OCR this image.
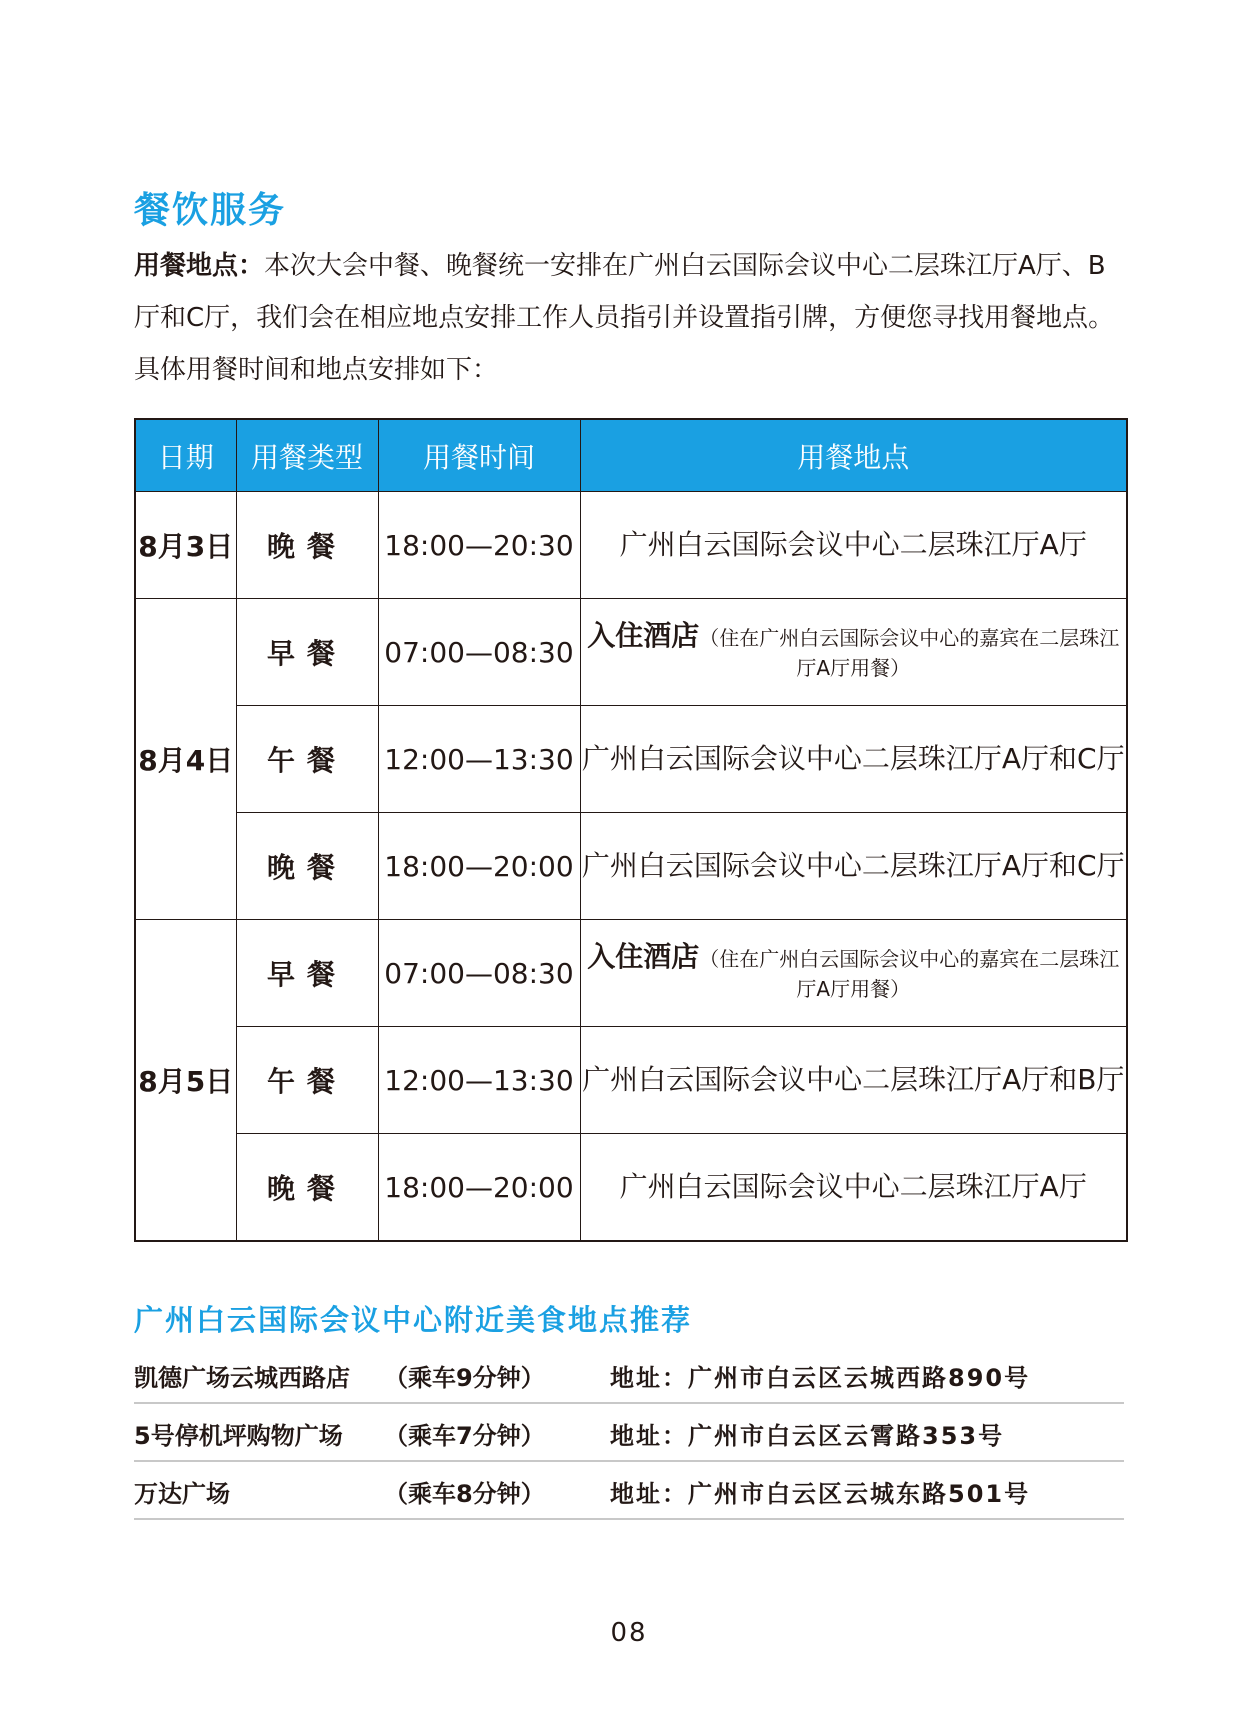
餐饮服务
用餐地点：本次大会中餐、晚餐统一安排在广州白云国际会议中心二层珠江厅A厅、B厅和C厅，我们会在相应地点安排工作人员指引并设置指引牌，方便您寻找用餐地点。具体用餐时间和地点安排如下：
日期	用餐类型	用餐时间	用餐地点
8月3日	晚餐	18:00—20:30	广州白云国际会议中心二层珠江厅A厅
8月4日	早餐	07:00—08:30	入住酒店（住在广州白云国际会议中心的嘉宾在二层珠江厅A厅用餐）
	午餐	12:00—13:30	广州白云国际会议中心二层珠江厅A厅和C厅
	晚餐	18:00—20:00	广州白云国际会议中心二层珠江厅A厅和C厅
8月5日	早餐	07:00—08:30	入住酒店（住在广州白云国际会议中心的嘉宾在二层珠江厅A厅用餐）
	午餐	12:00—13:30	广州白云国际会议中心二层珠江厅A厅和B厅
	晚餐	18:00—20:00	广州白云国际会议中心二层珠江厅A厅
广州白云国际会议中心附近美食地点推荐
凯德广场云城西路店 （乘车9分钟）	地址：广州市白云区云城西路890号
5号停机坪购物广场 （乘车7分钟）	地址：广州市白云区云霄路353号
万达广场	（乘车8分钟）	地址：广州市白云区云城东路501号
08
